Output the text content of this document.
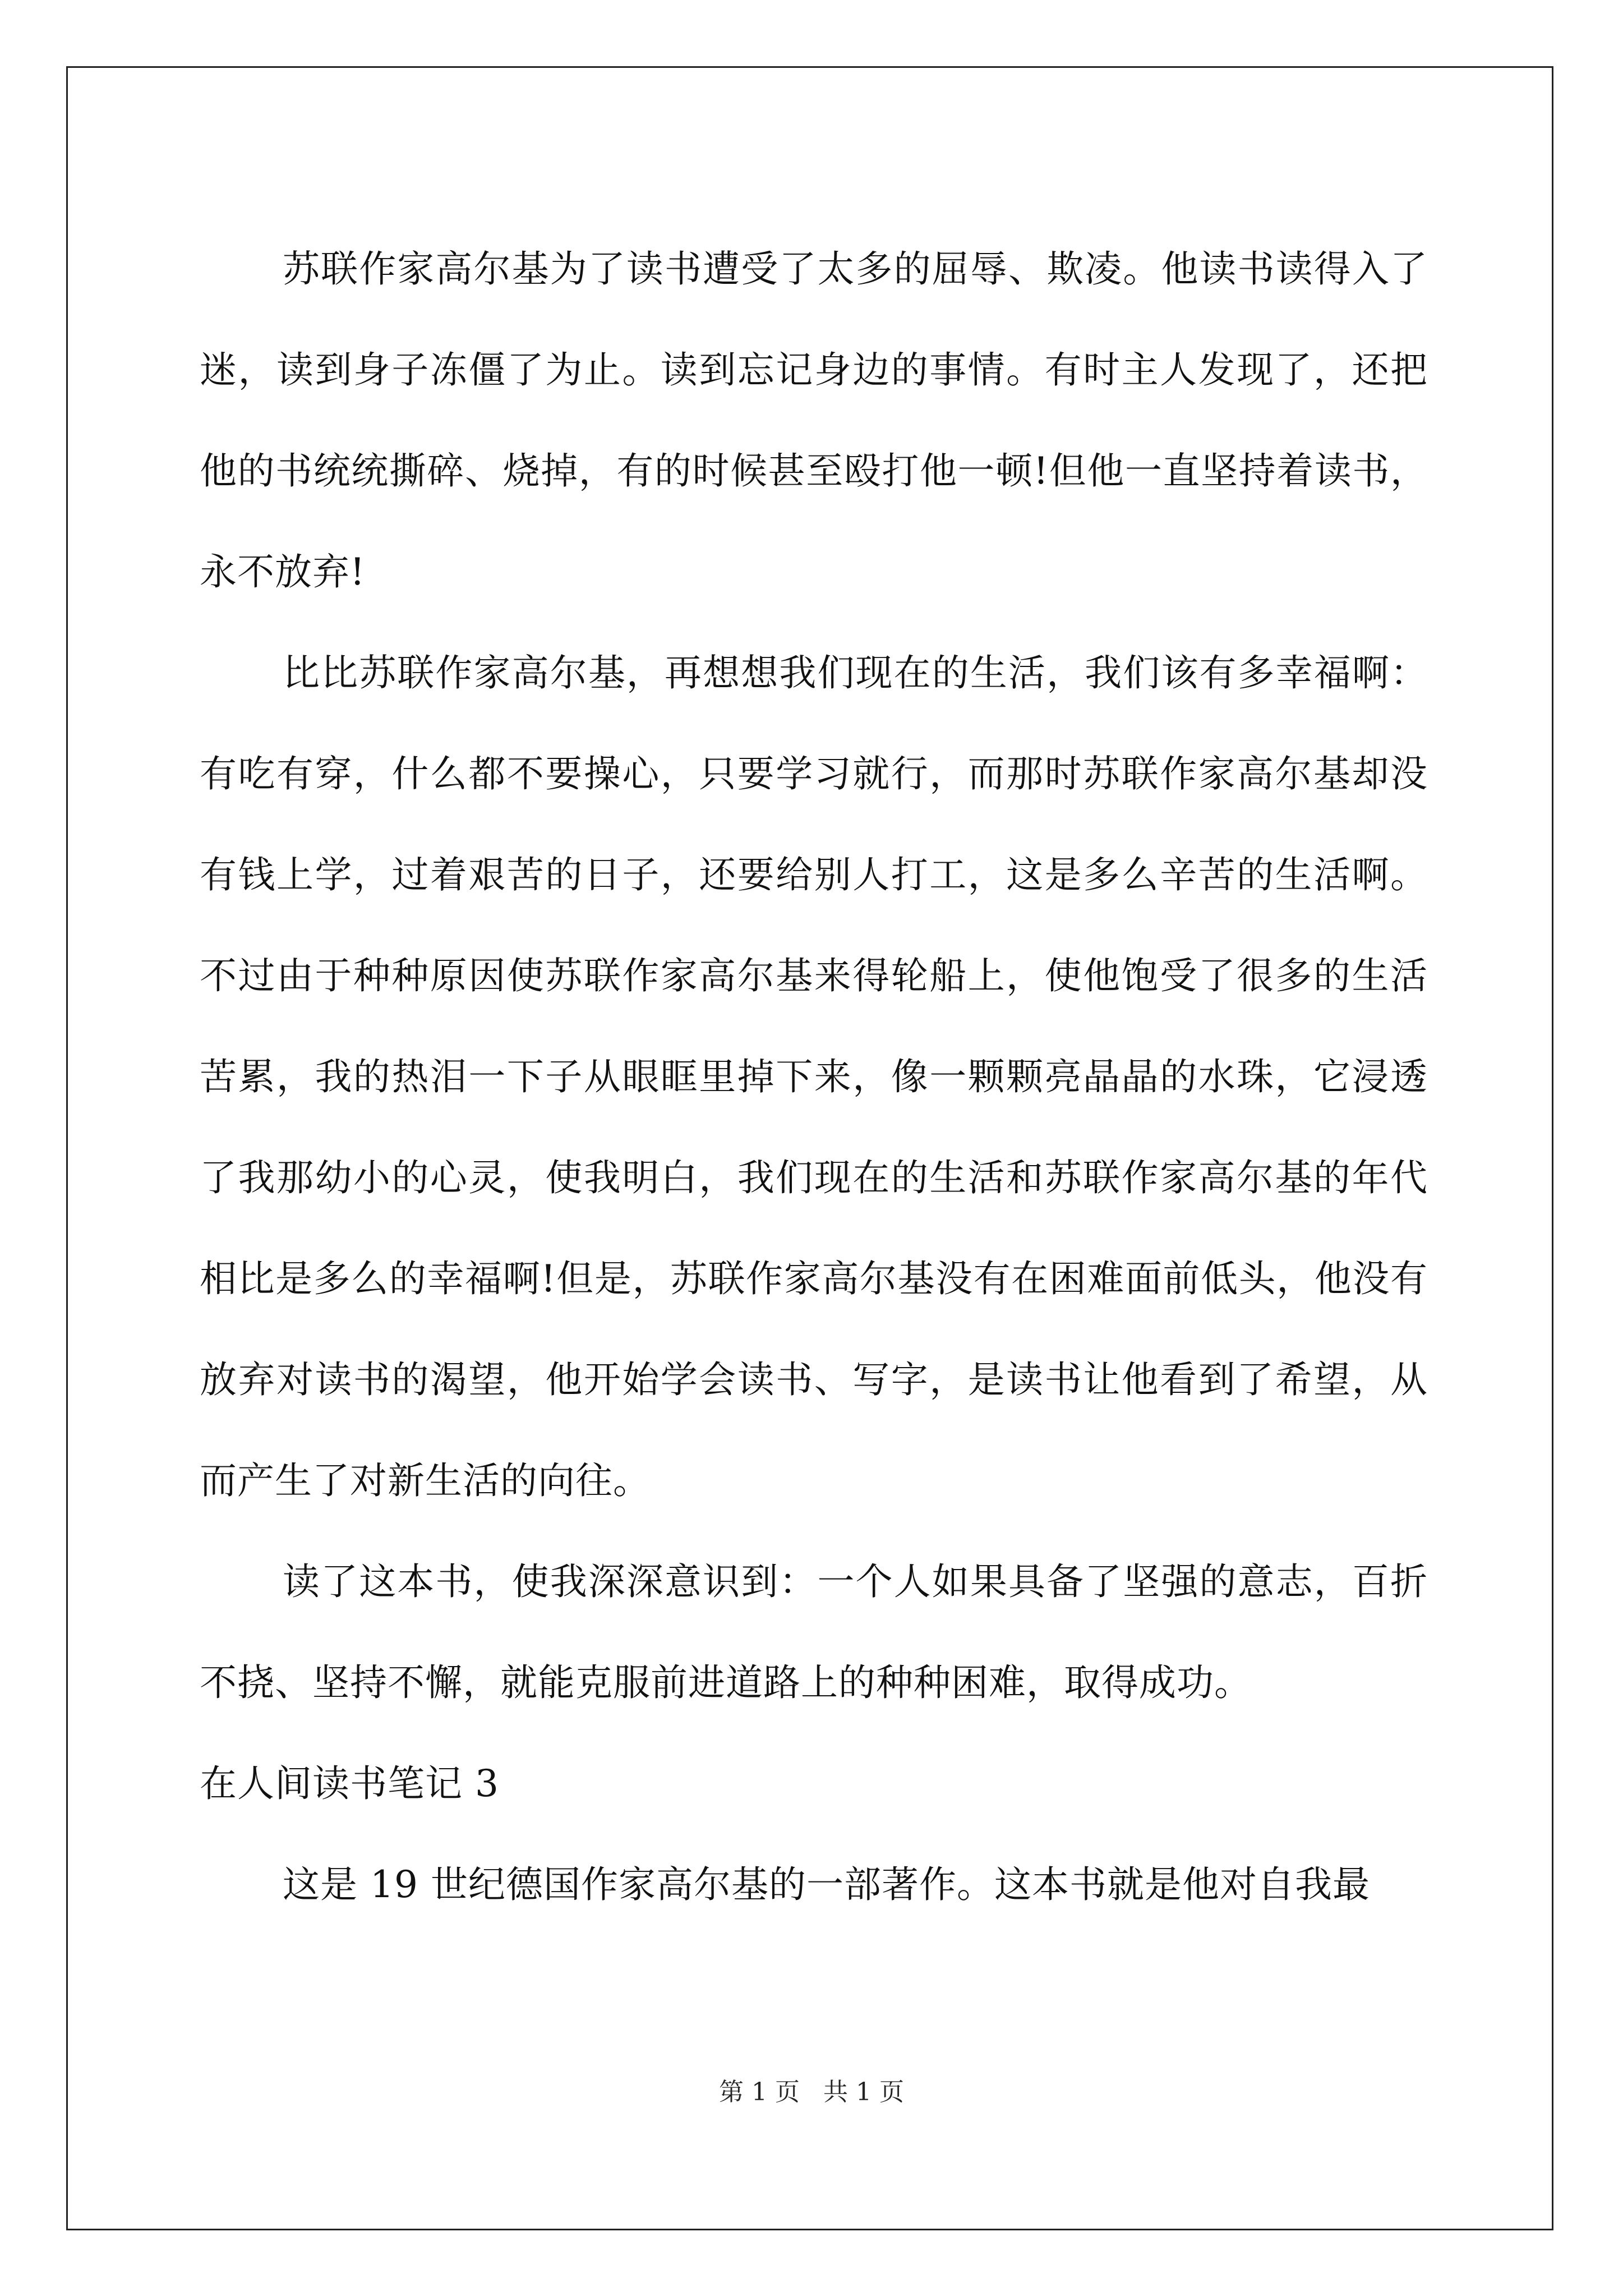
苏联作家高尔基为了读书遭受了太多的屈辱、欺凌。他读书读得入了迷，读到身子冻僵了为止。读到忘记身边的事情。有时主人发现了，还把他的书统统撕碎、烧掉，有的时候甚至殴打他一顿!但他一直坚持着读书，永不放弃!

比比苏联作家高尔基，再想想我们现在的生活，我们该有多幸福啊：有吃有穿，什么都不要操心，只要学习就行，而那时苏联作家高尔基却没有钱上学，过着艰苦的日子，还要给别人打工，这是多么辛苦的生活啊。不过由于种种原因使苏联作家高尔基来得轮船上，使他饱受了很多的生活苦累，我的热泪一下子从眼眶里掉下来，像一颗颗亮晶晶的水珠，它浸透了我那幼小的心灵，使我明白，我们现在的生活和苏联作家高尔基的年代相比是多么的幸福啊!但是，苏联作家高尔基没有在困难面前低头，他没有放弃对读书的渴望，他开始学会读书、写字，是读书让他看到了希望，从而产生了对新生活的向往。

读了这本书，使我深深意识到：一个人如果具备了坚强的意志，百折不挠、坚持不懈，就能克服前进道路上的种种困难，取得成功。

在人间读书笔记 3

这是 19 世纪德国作家高尔基的一部著作。这本书就是他对自我最

第 1 页   共 1 页
